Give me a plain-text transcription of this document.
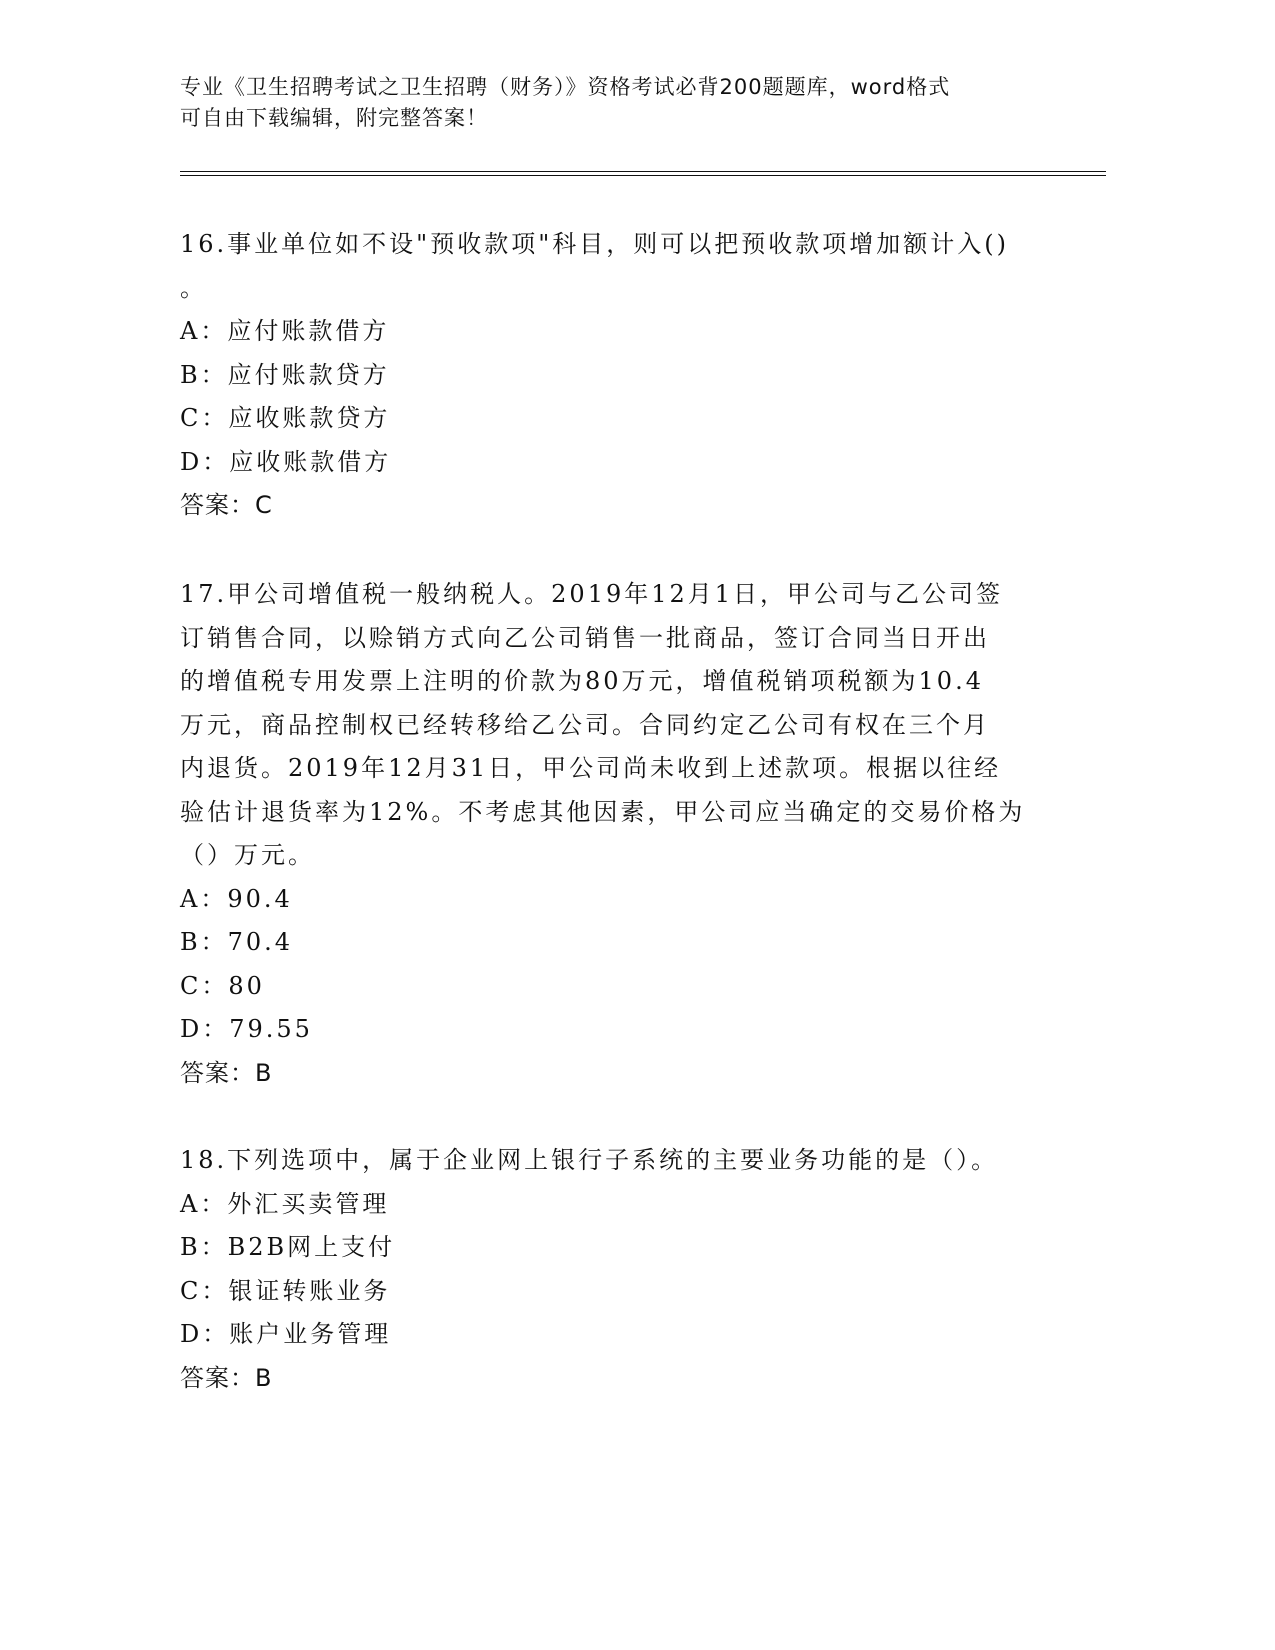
专业《卫生招聘考试之卫生招聘（财务）》资格考试必背200题题库，word格式
可自由下载编辑，附完整答案！
16.事业单位如不设"预收款项"科目，则可以把预收款项增加额计入()
。
A：应付账款借方
B：应付账款贷方
C：应收账款贷方
D：应收账款借方
答案：C
17.甲公司增值税一般纳税人。2019年12月1日，甲公司与乙公司签
订销售合同，以赊销方式向乙公司销售一批商品，签订合同当日开出
的增值税专用发票上注明的价款为80万元，增值税销项税额为10.4
万元，商品控制权已经转移给乙公司。合同约定乙公司有权在三个月
内退货。2019年12月31日，甲公司尚未收到上述款项。根据以往经
验估计退货率为12%。不考虑其他因素，甲公司应当确定的交易价格为
（）万元。
A：90.4
B：70.4
C：80
D：79.55
答案：B
18.下列选项中，属于企业网上银行子系统的主要业务功能的是（）。
A：外汇买卖管理
B：B2B网上支付
C：银证转账业务
D：账户业务管理
答案：B
